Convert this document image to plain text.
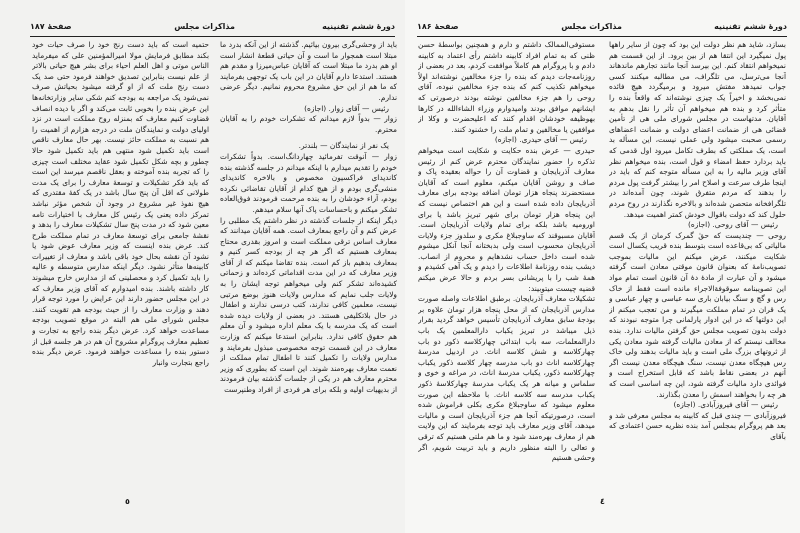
دورهٔ ششم تقنینیه
مذاکرات مجلس
صفحهٔ ۱۸۷

باید از وحشی‌گری بیرون بیائیم. گذشته از این آنکه بدرد ما مبتلا است همجوار ما است و آن حیاتی قطعهٔ انشار است او هم بدرد ما مبتلا است که آقایان عباس‌میرزا و مقدم هم هستند. استدعا دارم آقایان در این باب یک توجهی بفرمایند که ما هم از این حق مشروع محروم نمانیم. دیگر عرضی ندارم.

رئیس — آقای زوار. (اجازه)

زوار — بدواً لازم میدانم که تشکرات خودم را به آقایان محترم.

یک نفر از نمایندگان — بلندتر.

زوار — آنوقت تفرمائید چهاردانگ‌است. بدواً تشکرات خودم را تقدیم میدارم با اینکه میدانم در جلسه گذشته بنده کاندیدای فراکسیون مخصوص و بالاخره کاندیدای منشی‌گری بودم و از هیچ کدام از آقایان تقاضائی نکرده بودم، آراء خودشان را به بنده مرحمت فرمودند فوق‌العاده تشکر میکنم و باحساسات پاک آنها سلام میدهم.

دیگر اینکه از جلسات گذشته در نظر داشتم یک مطلبی را عرض کنم و آن راجع بمعارف است. همه آقایان میدانند که معارف اساس ترقی مملکت است و امروز بقدری محتاج بمعارف هستیم که اگر هر چه از بودجه کسر کنیم و بمعارف بدهیم باز کم است. بنده تقاضا میکنم که از آقای وزیر معارف که در این مدت اقداماتی کرده‌اند و زحماتی کشیده‌اند تشکر کنم ولی میخواهم توجه ایشان را به ولایات جلب نمایم که مدارس ولایات هنوز بوضع مرتبی نیست، معلمین کافی ندارند، کتب درسی ندارند و اطفال در حال بلاتکلیفی هستند. در بعضی از ولایات دیده شده است که یک مدرسه با یک معلم اداره میشود و آن معلم هم حقوق کافی ندارد. بنابراین استدعا میکنم که وزارت معارف در این قسمت توجه مخصوصی مبذول بفرمایند و مدارس ولایات را تکمیل کنند تا اطفال تمام مملکت از نعمت معارف بهره‌مند شوند. این است که بطوری که وزیر محترم معارف هم در یکی از جلسات گذشته بیان فرمودند از بدیهیات اولیه و بلکه برای هر فردی از افراد وطنپرست

حتمیه است که باید دست رنج خود را صرف حیات خود بکند مطابق فرمایش مولا امیرالمؤمنین علی که میفرماید الناس موتی و اهل العلم احیاء برای بشر هیچ حیاتی بالاتر از علم نیست بنابراین تصدیق خواهند فرمود حتی صد یک دست رنج ملت که از او گرفته میشود بحیاتش صرف نمی‌شود یک مراجعه به بودجه کنم شکی سایر وزارتخانه‌ها این عرض بنده را بخوبی ثابت می‌کند و اگر با دیده انصاف قضاوت کنیم معارف که بمنزله روح مملکت است در نزد اولیای دولت و نمایندگان ملت در درجه هزارم از اهمیت را هم نسبت به مملکت حائز نیست. بهر حال معارف ناقص است باید تکمیل شود منتهی هم باید تکمیل شود حالا چطور و بچه شکل تکمیل شود عقاید مختلف است چیزی را که تجربه بنده آموخته و بعقل ناقصم میرسد این است که باید فکر تشکیلات و توسعهٔ معارف را برای یک مدت طولانی که اقل آن پنج سال باشد در یک کفهٔ مقتدری که هیچ نفوذ غیر مشروع در وجود آن شخص مؤثر نباشد تمرکز داده یعنی یک رئیس کل معارف با اختیارات تامه معین شود که در مدت پنج سال تشکیلات معارف را بدهد و نقشهٔ جامعی برای توسعهٔ معارف در تمام مملکت طرح کند. عرض بنده اینست که وزیر معارف عوض شود یا نشود آن نقشه بحال خود باقی باشد و معارف از تغییرات کابینه‌ها متأثر نشود. دیگر اینکه مدارس متوسطه و عالیه را باید تکمیل کرد و محصلینی که از مدارس خارج میشوند کار داشته باشند. بنده امیدوارم که آقای وزیر معارف که در این مجلس حضور دارند این عرایض را مورد توجه قرار دهند و وزارت معارف را از حیث بودجه هم تقویت کنند. مجلس شورای ملی هم البته در موقع تصویب بودجه مساعدت خواهد کرد. عرض دیگر بنده راجع به تجارت و تعظیم معارف پروگرام مشروح آن هم در هر جلسه قبل از دستور بنده را مساعدت خواهند فرمود. عرض دیگر بنده راجع بتجارت وانبار

٥
دورهٔ ششم تقنینیه
مذاکرات مجلس
صفحهٔ ۱۸۶

بسازد، شاید هم نظر دولت این بود که چون از سایر راهها پول نمیگیرد این انتقا هم از بین برود. از این قسمت هم نمیخواهم انتقاد کنم. این بیرسد آنجا مانند تجارهم ماندهاند آنجا می‌ترسل، می تلگراف، می مطالبه میکنند کسی جواب نمیدهد مفتش میرود و برمیگردد هیچ فائده نمی‌بخشد و اخیراً یک چیزی نوشته‌اند که واقعاً بنده را متأثر کرد و بنده هم میخواهم آن تأثر را نقل بدهم به آقایان. مدتهاست در مجلس شورای ملی هی از تأمین قضائی هی از ضمانت اعضای دولت و ضمانت اعضاهای رسمی صحبت میشود ولی عملی نیست، این مسأله بد است، یک مملکتی که بطرف تکامل میرود اول قدمی که باید بردارد حفظ امضاء و قول است، بنده میخواهم نظر آقای وزیر مالیه را به این مسأله متوجه کنم که باید در اینجا طرف سرعت و اصلاح امر را بیشتر گرفت پول مردم را بدهند که مردم متفرق شوند، چون آمده‌اند در تلگرافخانه متحصن شده‌اند و بالاخره نگذارند در روح مردم حلول کند که دولت باقوال خودش کمتر اهمیت میدهد.

رئیس — آقای روحی. (اجازه)

روحی — چندیست که حقٰ گمرک کرمان از یک قسم مالیاتی که بی‌قاعده است بتوسط بنده قریب یکسال است شکایت میکنند، عرض میکنم این مالیات بموجب تصویب‌نامهٔ که بعنوان قانون موقتی معادن است گرفته میشود و آن عبارت از مادهٔ دهٔ آن قانون است تمام مواد این تصویبنامه سوقوفةالاجراء مانده است فقط از خاک رس و گچ و سنگ بیابان باری سه عباسی و چهار عباسی و یک قران در تمام مملکت میگیرند و من تعجب میکنم از این دولتها که در این ادوار پارلمانی چرا متوجه نبودند که دولت بدون تصویب مجلس حق گرفتن مالیات ندارد. بنده مخالف نیستم که از معادن مالیات گرفته شود معادن یکی از ثروتهای بزرگ ملی است و باید مالیات بدهند ولی خاک رس هیچگاه معدن نیست، سنگ هیچگاه معدن نیست اگر آنهم در بعضی نقاط باشد که قابل استخراج است و فوائدی دارد مالیات گرفته شود، این چه اساسی است که هر چه را بخواهند اسمش را معدن بگذارند.

رئیس — آقای فیروزآبادی. (اجازه)

فیروزآبادی — چندی قبل که کابینه به مجلس معرفی شد و بعد هم پروگرام بمجلس آمد بنده نظریه حسن اعتمادی که بآقای

مستوفی‌الممالک داشتم و دارم و همچنین بواسطهٔ حسن ظنی که به تمام افراد کابینه داشتم رأی اعتماد به کابینه دادم و با پروگرام هم کاملاً موافقت کردم، بعد در بعضی از روزنامه‌جات دیدم که بنده را جزء مخالفین نوشته‌اند اولاً میخواهم تکذیب کنم که بنده جزء مخالفین نبوده، آقای روحی را هم جزء مخالفین نوشته بودند درصورتی که ایشانهم موافق بودند وامیدوارم وزراء الشاءالله در کارها بهوظیفه خودشان اقدام کنند که اعلیحضرت و وکلا از موافقین یا مخالفین و تمام ملت را خشنود کنند.

رئیس — آقای حیدری. (اجازه)

حیدری — عرض بنده حکایت و شکایت است میخواهم تذکره را حضور نمایندگان محترم عرض کنم از رئیس معارف آذربایجان و قضاوت آن را حواله بعقیده پاک و صاف و روشن آقایان میکنم، معلوم است که آقایان مستحضرند پنجاه هزار تومان اضافه بودجه برای معارف آذربایجان داده شده است و این هم اختصاص نیست که این پنجاه هزار تومان برای شهر تبریز باشد یا برای اورومیه باشد بلکه برای تمام ولایات آذربایجان است. آقایان مسبوقند که ساوجبلاغ مکری و سلدوز جزء ولایات آذربایجان محسوب است ولی بدبختانه آنجا آنکل میشوم شده است داخل حساب نشدهایم و محروم از انصاب. دیشب بنده روزنامهٔ اطلاعات را دیدم و یک آهی کشیدم و همهٔ شب را با پریشانی بسر بردم و حالا عرض میکنم قضیه چیست میتوبیند:

تشکیلات معارف آذربایجان. برطبق اطلاعات واصله صورت مدارس آذربایجان که از محل پنجاه هزار تومان علاوه بر بودجهٔ سابق معارف آذربایجان تأسیس خواهد گردید بقرار ذیل میباشد در تبریز یکباب دارالمعلمین یک باب دارالمعلمات، سه باب ابتدائی چهارکلاسه ذکور دو باب چهارکلاسه و شش کلاسه اناث. در اردبیل مدرسهٔ چهارکلاسه اناث دو باب مدرسه چهار کلاسه ذکور یکباب چهارکلاسه ذکور، یکباب مدرسهٔ اناث، در مراغه و خوی و سلماس و میانه هر یک یکباب مدرسهٔ چهارکلاسهٔ ذکور یکباب مدرسه سه کلاسه اناث. با ملاحظه این صورت معلوم میشود که ساوجبلاغ مکری بکلی فراموش شده است، درصورتیکه آنجا هم جزء آذربایجان است و مالیات میدهد، آقای وزیر معارف باید توجه بفرمایند که این ولایت هم از معارف بهره‌مند شود و ما هم ملتی هستیم که ترقی و تعالی را البته منظور داریم و باید تربیت شویم، اگر وحشی هستیم

٤
